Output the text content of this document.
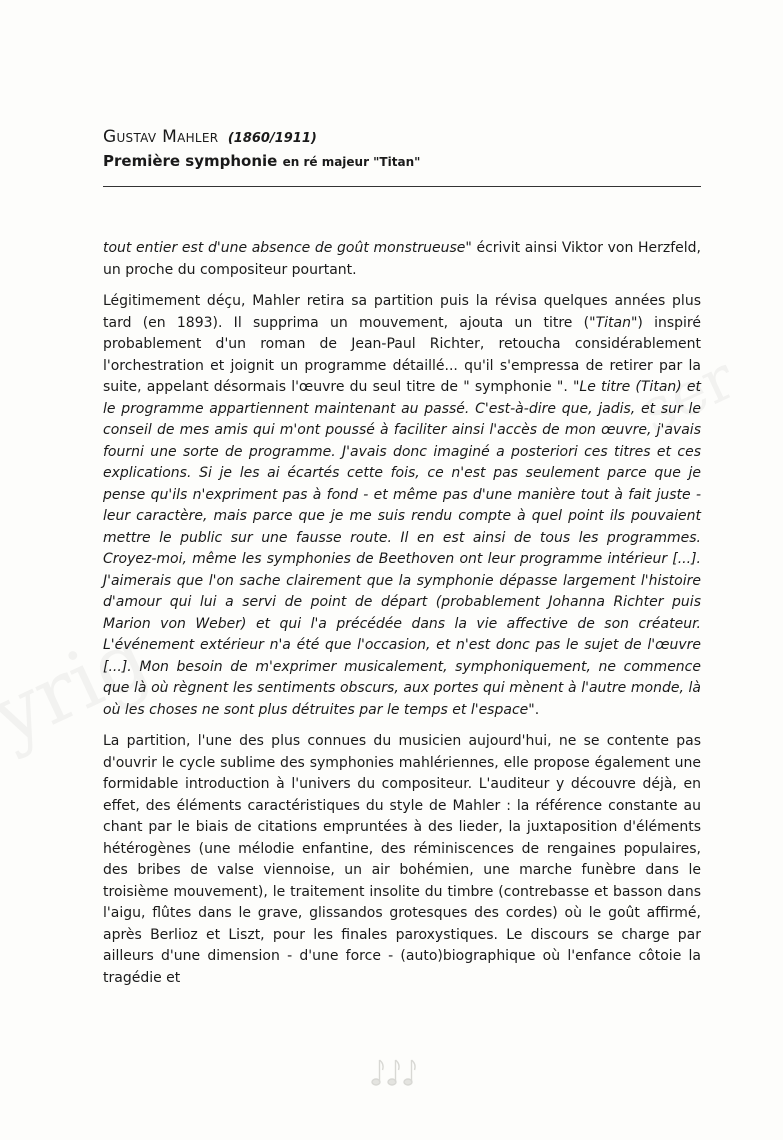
Gustav Mahler (1860/1911)
Première symphonie en ré majeur "Titan"

tout entier est d'une absence de goût monstrueuse" écrivit ainsi Viktor von Herzfeld, un proche du compositeur pourtant.

Légitimement déçu, Mahler retira sa partition puis la révisa quelques années plus tard (en 1893). Il supprima un mouvement, ajouta un titre ("Titan") inspiré probablement d'un roman de Jean-Paul Richter, retoucha considérablement l'orchestration et joignit un programme détaillé... qu'il s'empressa de retirer par la suite, appelant désormais l'œuvre du seul titre de " symphonie ". "Le titre (Titan) et le programme appartiennent maintenant au passé. C'est-à-dire que, jadis, et sur le conseil de mes amis qui m'ont poussé à faciliter ainsi l'accès de mon œuvre, j'avais fourni une sorte de programme. J'avais donc imaginé a posteriori ces titres et ces explications. Si je les ai écartés cette fois, ce n'est pas seulement parce que je pense qu'ils n'expriment pas à fond - et même pas d'une manière tout à fait juste - leur caractère, mais parce que je me suis rendu compte à quel point ils pouvaient mettre le public sur une fausse route. Il en est ainsi de tous les programmes. Croyez-moi, même les symphonies de Beethoven ont leur programme intérieur [...]. J'aimerais que l'on sache clairement que la symphonie dépasse largement l'histoire d'amour qui lui a servi de point de départ (probablement Johanna Richter puis Marion von Weber) et qui l'a précédée dans la vie affective de son créateur. L'événement extérieur n'a été que l'occasion, et n'est donc pas le sujet de l'œuvre [...]. Mon besoin de m'exprimer musicalement, symphoniquement, ne commence que là où règnent les sentiments obscurs, aux portes qui mènent à l'autre monde, là où les choses ne sont plus détruites par le temps et l'espace".

La partition, l'une des plus connues du musicien aujourd'hui, ne se contente pas d'ouvrir le cycle sublime des symphonies mahlériennes, elle propose également une formidable introduction à l'univers du compositeur. L'auditeur y découvre déjà, en effet, des éléments caractéristiques du style de Mahler : la référence constante au chant par le biais de citations empruntées à des lieder, la juxtaposition d'éléments hétérogènes (une mélodie enfantine, des réminiscences de rengaines populaires, des bribes de valse viennoise, un air bohémien, une marche funèbre dans le troisième mouvement), le traitement insolite du timbre (contrebasse et basson dans l'aigu, flûtes dans le grave, glissandos grotesques des cordes) où le goût affirmé, après Berlioz et Liszt, pour les finales paroxystiques. Le discours se charge par ailleurs d'une dimension - d'une force - (auto)biographique où l'enfance côtoie la tragédie et
